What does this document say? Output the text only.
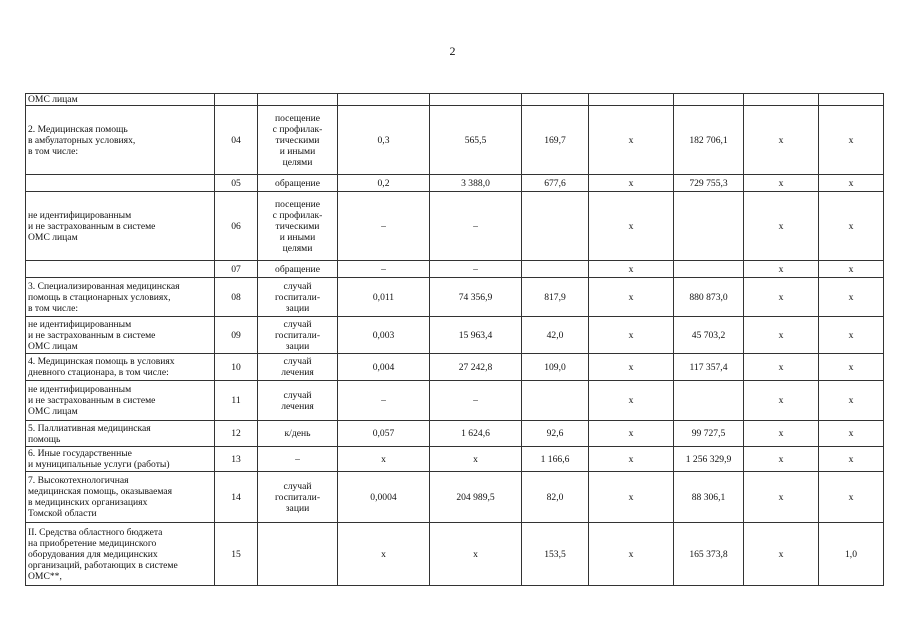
2
ОМС лицам									
2. Медицинская помощь
в амбулаторных условиях,
в том числе:	04	посещение
с профилак-
тическими
и иными
целями	0,3	565,5	169,7	х	182 706,1	х	х
	05	обращение	0,2	3 388,0	677,6	х	729 755,3	х	х
не идентифицированным
и не застрахованным в системе
ОМС лицам	06	посещение
с профилак-
тическими
и иными
целями	–	–		х		х	х
	07	обращение	–	–		х		х	х
3. Специализированная медицинская
помощь в стационарных условиях,
в том числе:	08	случай
госпитали-
зации	0,011	74 356,9	817,9	х	880 873,0	х	х
не идентифицированным
и не застрахованным в системе
ОМС лицам	09	случай
госпитали-
зации	0,003	15 963,4	42,0	х	45 703,2	х	х
4. Медицинская помощь в условиях
дневного стационара, в том числе:	10	случай
лечения	0,004	27 242,8	109,0	х	117 357,4	х	х
не идентифицированным
и не застрахованным в системе
ОМС лицам	11	случай
лечения	–	–		х		х	х
5. Паллиативная медицинская
помощь	12	к/день	0,057	1 624,6	92,6	х	99 727,5	х	х
6. Иные государственные
и муниципальные услуги (работы)	13	–	х	х	1 166,6	х	1 256 329,9	х	х
7. Высокотехнологичная
медицинская помощь, оказываемая
в медицинских организациях
Томской области	14	случай
госпитали-
зации	0,0004	204 989,5	82,0	х	88 306,1	х	х
II. Средства областного бюджета
на приобретение медицинского
оборудования для медицинских
организаций, работающих в системе
ОМС**,	15		х	х	153,5	х	165 373,8	х	1,0
